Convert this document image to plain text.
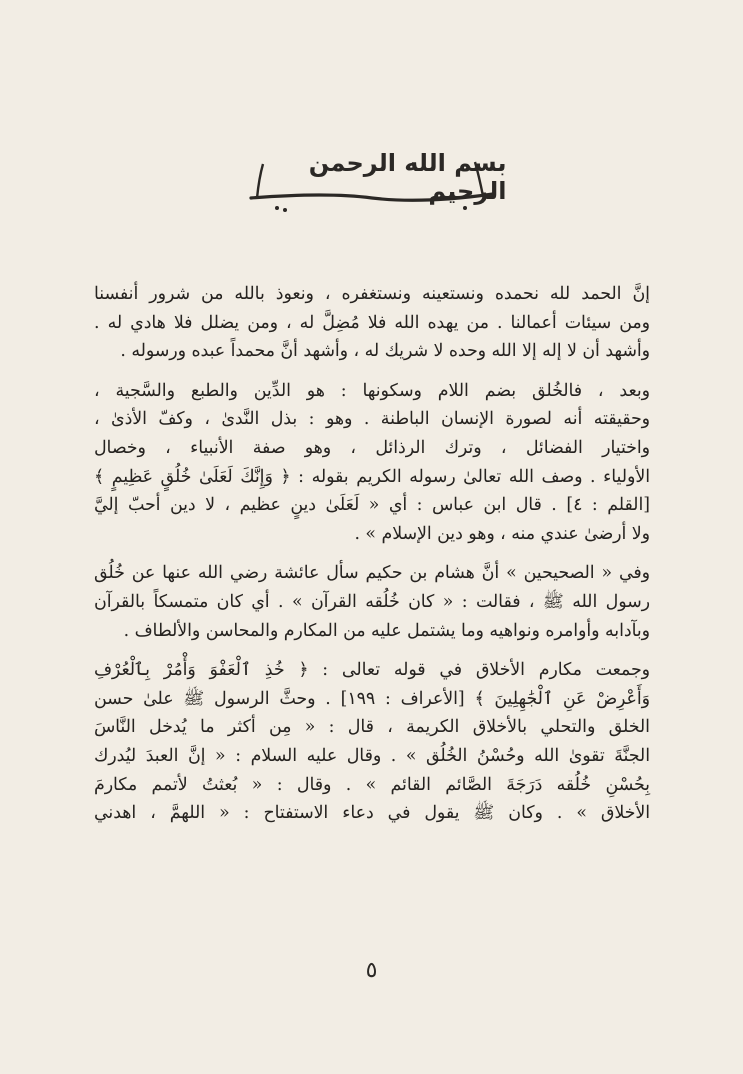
بسم الله الرحمن الرحيم
إنَّ الحمد لله نحمده ونستعينه ونستغفره ، ونعوذ بالله من شرور أنفسنا
ومن سيئات أعمالنا . من يهده الله فلا مُضِلَّ له ، ومن يضلل فلا هادي له .
وأشهد أن لا إله إلا الله وحده لا شريك له ، وأشهد أنَّ محمداً عبده ورسوله .
وبعد ، فالخُلق بضم اللام وسكونها : هو الدِّين والطبع والسَّجية ،
وحقيقته أنه لصورة الإنسان الباطنة . وهو : بذل النَّدىٰ ، وكفّ الأذىٰ ،
واختيار الفضائل ، وترك الرذائل ، وهو صفة الأنبياء ، وخصال
الأولياء . وصف الله تعالىٰ رسوله الكريم بقوله : ﴿ وَإِنَّكَ لَعَلَىٰ خُلُقٍ عَظِيمٍ ﴾
[القلم : ٤] . قال ابن عباس : أي « لَعَلَىٰ دينٍ عظيم ، لا دين أحبّ إليَّ
ولا أرضىٰ عندي منه ، وهو دين الإسلام » .
وفي « الصحيحين » أنَّ هشام بن حكيم سأل عائشة رضي الله عنها عن خُلُق
رسول الله ﷺ ، فقالت : « كان خُلُقه القرآن » . أي كان متمسكاً بالقرآن
وبآدابه وأوامره ونواهيه وما يشتمل عليه من المكارم والمحاسن والألطاف .
وجمعت مكارم الأخلاق في قوله تعالى : ﴿ خُذِ ٱلْعَفْوَ وَأْمُرْ بِٱلْعُرْفِ
وَأَعْرِضْ عَنِ ٱلْجَٰهِلِينَ ﴾ [الأعراف : ١٩٩] . وحثَّ الرسول ﷺ علىٰ حسن
الخلق والتحلي بالأخلاق الكريمة ، قال : « مِن أكثر ما يُدخل النَّاسَ
الجنَّةَ تقوىٰ الله وحُسْنُ الخُلُق » . وقال عليه السلام : « إنَّ العبدَ ليُدرك
بِحُسْنِ خُلُقه دَرَجَةَ الصَّائم القائم » . وقال : « بُعثتُ لأتمم مكارمَ
الأخلاق » . وكان ﷺ يقول في دعاء الاستفتاح : « اللهمَّ ، اهدني
٥
